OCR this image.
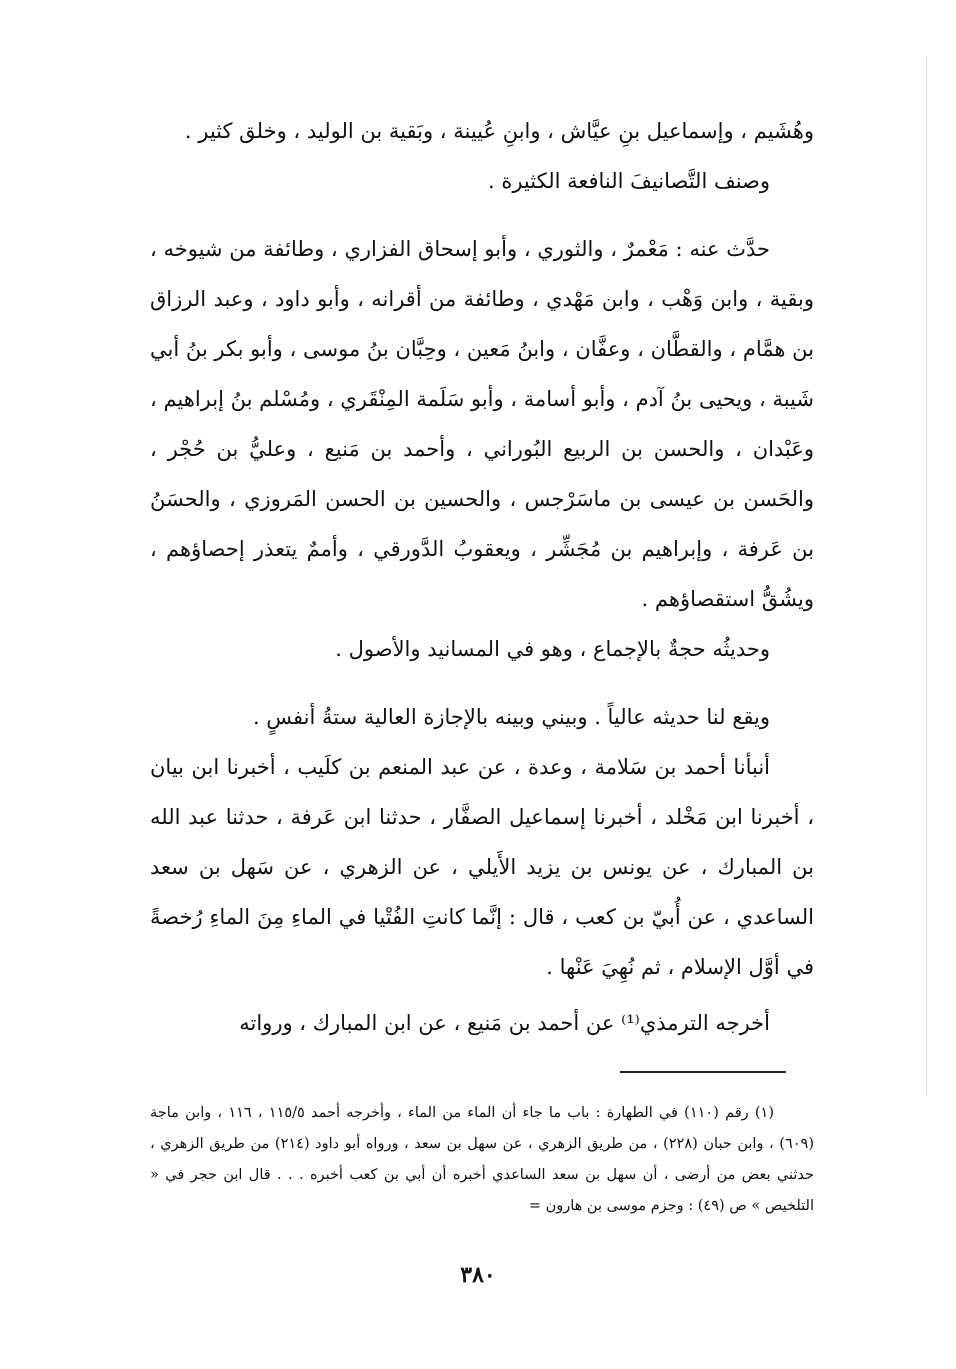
وهُشَيم ، وإسماعيل بنِ عيَّاش ، وابنِ عُيينة ، وبَقية بن الوليد ، وخلق كثير .

وصنف التَّصانيفَ النافعة الكثيرة .

حدَّث عنه : مَعْمرٌ ، والثوري ، وأبو إسحاق الفزاري ، وطائفة من شيوخه ، وبقية ، وابن وَهْب ، وابن مَهْدي ، وطائفة من أقرانه ، وأبو داود ، وعبد الرزاق بن همَّام ، والقطَّان ، وعفَّان ، وابنُ مَعين ، وحِبَّان بنُ موسى ، وأبو بكر بنُ أبي شَيبة ، ويحيى بنُ آدم ، وأبو أسامة ، وأبو سَلَمة المِنْقَري ، ومُسْلم بنُ إبراهيم ، وعَبْدان ، والحسن بن الربيع البُوراني ، وأحمد بن مَنيع ، وعليُّ بن حُجْر ، والحَسن بن عيسى بن ماسَرْجس ، والحسين بن الحسن المَروزي ، والحسَنُ بن عَرفة ، وإبراهيم بن مُجَشِّر ، ويعقوبُ الدَّورقي ، وأممٌ يتعذر إحصاؤهم ، ويشُقُّ استقصاؤهم .

وحديثُه حجةٌ بالإجماع ، وهو في المسانيد والأصول .

ويقع لنا حديثه عالياً . وبيني وبينه بالإجازة العالية ستةُ أنفسٍ .

أنبأنا أحمد بن سَلامة ، وعدة ، عن عبد المنعم بن كلَيب ، أخبرنا ابن بيان ، أخبرنا ابن مَخْلد ، أخبرنا إسماعيل الصفَّار ، حدثنا ابن عَرفة ، حدثنا عبد الله بن المبارك ، عن يونس بن يزيد الأَيلي ، عن الزهري ، عن سَهل بن سعد الساعدي ، عن أُبيّ بن كعب ، قال : إنَّما كانتِ الفُتْيا في الماءِ مِنَ الماءِ رُخصةً في أوَّل الإسلام ، ثم نُهِيَ عَنْها .

أخرجه الترمذي⁽¹⁾ عن أحمد بن مَنيع ، عن ابن المبارك ، ورواته

(١) رقم (١١٠) في الطهارة : باب ما جاء أن الماء من الماء ، وأخرجه أحمد ١١٥/٥ ، ١١٦ ، وابن ماجة (٦٠٩) ، وابن حبان (٢٢٨) ، من طريق الزهري ، عن سهل بن سعد ، ورواه أبو داود (٢١٤) من طريق الزهري ، حدثني بعض من أرضى ، أن سهل بن سعد الساعدي أخبره أن أبي بن كعب أخبره . . . قال ابن حجر في « التلخيص » ص (٤٩) : وجزم موسى بن هارون =

٣٨٠
